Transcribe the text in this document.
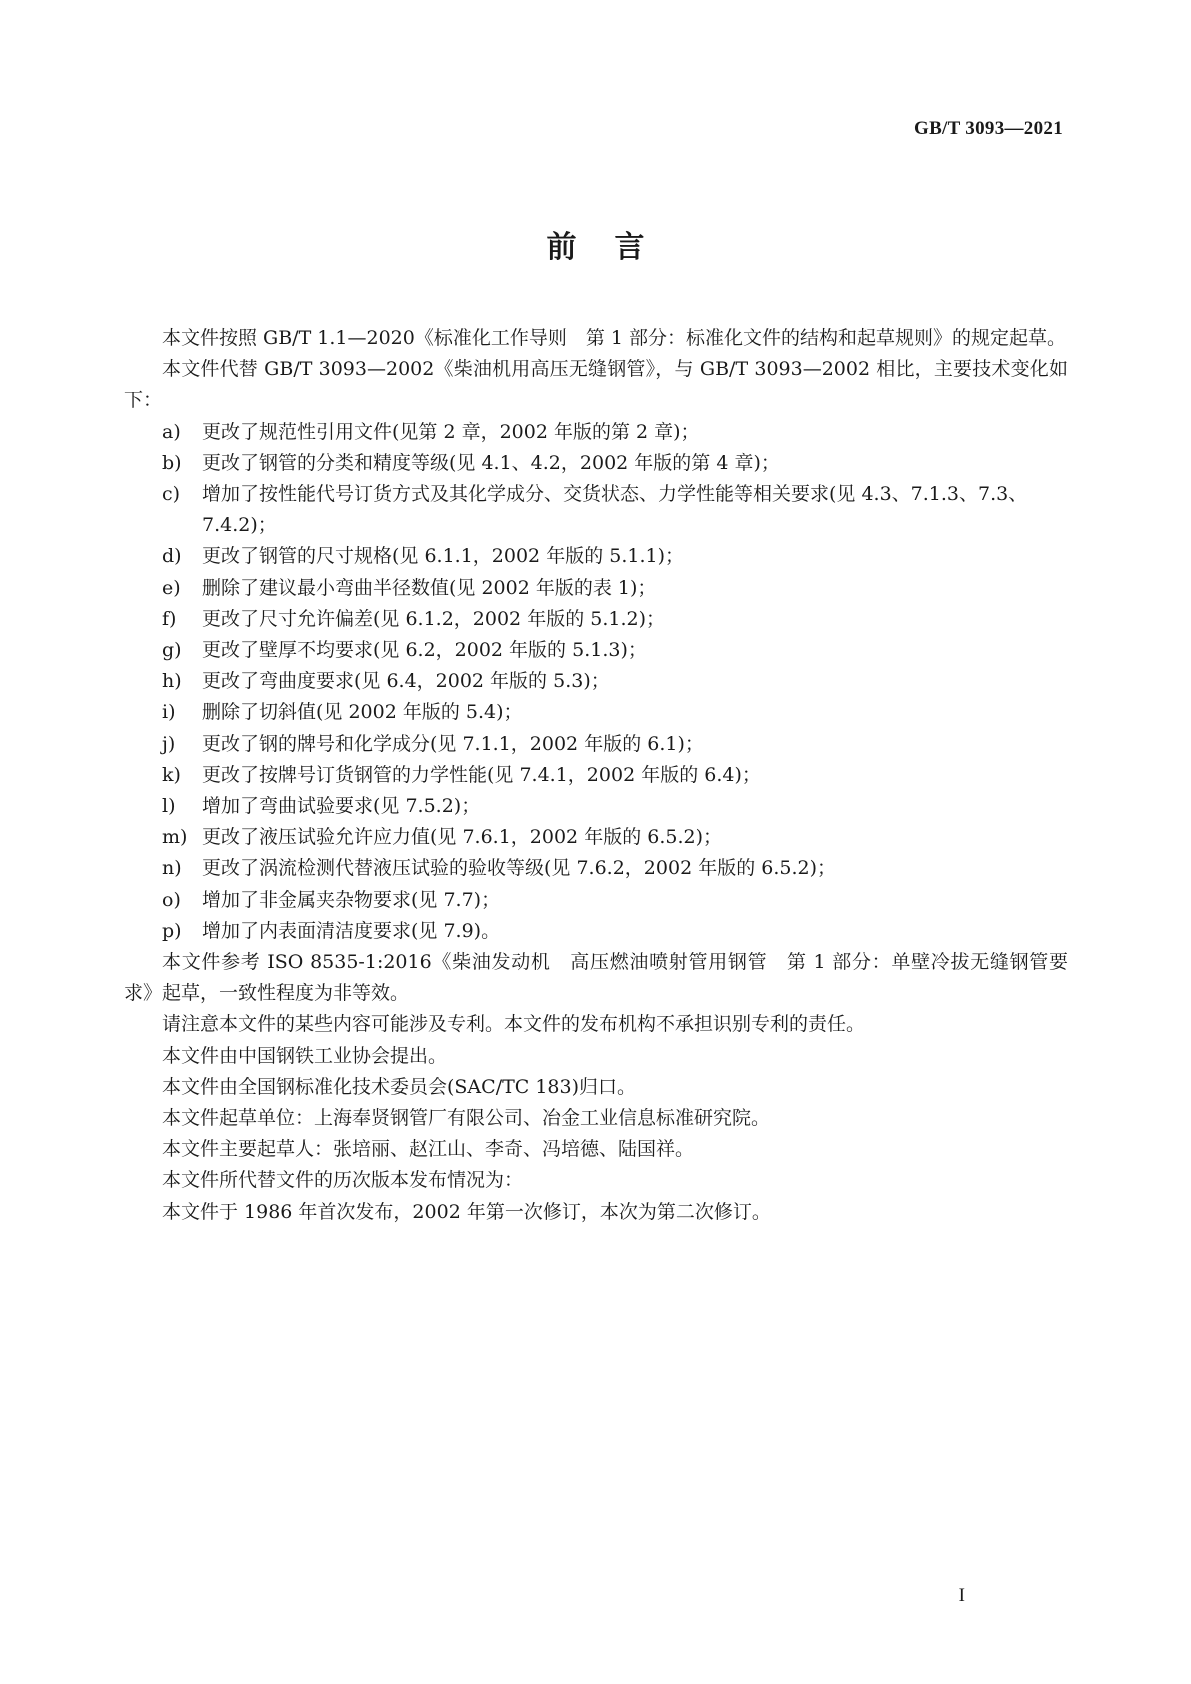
GB/T 3093—2021
前言

本文件按照 GB/T 1.1—2020《标准化工作导则　第 1 部分：标准化文件的结构和起草规则》的规定起草。

本文件代替 GB/T 3093—2002《柴油机用高压无缝钢管》，与 GB/T 3093—2002 相比，主要技术变化如下：

a)	更改了规范性引用文件(见第 2 章，2002 年版的第 2 章)；
b)	更改了钢管的分类和精度等级(见 4.1、4.2，2002 年版的第 4 章)；
c)	增加了按性能代号订货方式及其化学成分、交货状态、力学性能等相关要求(见 4.3、7.1.3、7.3、7.4.2)；
d)	更改了钢管的尺寸规格(见 6.1.1，2002 年版的 5.1.1)；
e)	删除了建议最小弯曲半径数值(见 2002 年版的表 1)；
f)	更改了尺寸允许偏差(见 6.1.2，2002 年版的 5.1.2)；
g)	更改了壁厚不均要求(见 6.2，2002 年版的 5.1.3)；
h)	更改了弯曲度要求(见 6.4，2002 年版的 5.3)；
i)	删除了切斜值(见 2002 年版的 5.4)；
j)	更改了钢的牌号和化学成分(见 7.1.1，2002 年版的 6.1)；
k)	更改了按牌号订货钢管的力学性能(见 7.4.1，2002 年版的 6.4)；
l)	增加了弯曲试验要求(见 7.5.2)；
m) 更改了液压试验允许应力值(见 7.6.1，2002 年版的 6.5.2)；
n)	更改了涡流检测代替液压试验的验收等级(见 7.6.2，2002 年版的 6.5.2)；
o)	增加了非金属夹杂物要求(见 7.7)；
p)	增加了内表面清洁度要求(见 7.9)。

本文件参考 ISO 8535-1:2016《柴油发动机　高压燃油喷射管用钢管　第 1 部分：单壁冷拔无缝钢管要求》起草，一致性程度为非等效。

请注意本文件的某些内容可能涉及专利。本文件的发布机构不承担识别专利的责任。

本文件由中国钢铁工业协会提出。

本文件由全国钢标准化技术委员会(SAC/TC 183)归口。

本文件起草单位：上海奉贤钢管厂有限公司、冶金工业信息标准研究院。

本文件主要起草人：张培丽、赵江山、李奇、冯培德、陆国祥。

本文件所代替文件的历次版本发布情况为：

本文件于 1986 年首次发布，2002 年第一次修订，本次为第二次修订。

I
